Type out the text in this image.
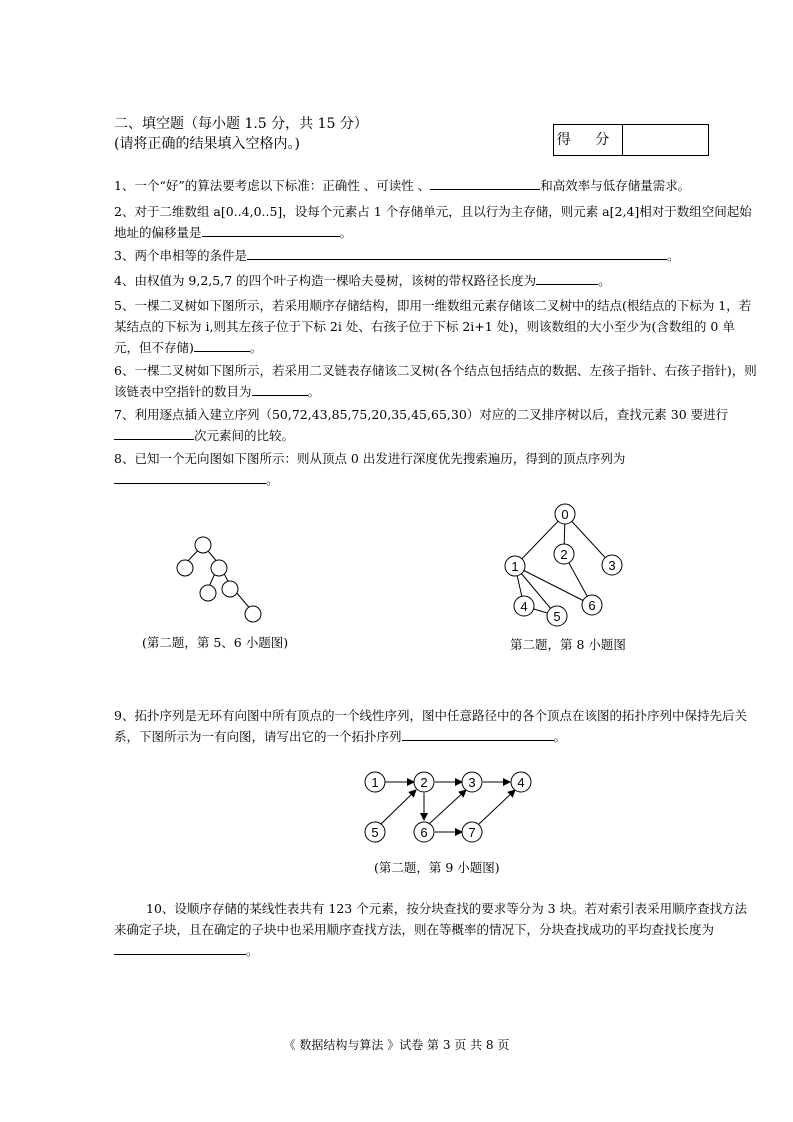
二、填空题（每小题 1.5 分，共 15 分）
(请将正确的结果填入空格内。)	得 分
1、一个“好”的算法要考虑以下标准：正确性 、可读性 、	和高效率与低存储量需求。
2、对于二维数组 a[0..4,0..5]，设每个元素占 1 个存储单元，且以行为主存储，则元素 a[2,4]相对于数组空间起始地址的偏移量是	。
3、两个串相等的条件是	。
4、由权值为 9,2,5,7 的四个叶子构造一棵哈夫曼树，该树的带权路径长度为	。
5、一棵二叉树如下图所示，若采用顺序存储结构，即用一维数组元素存储该二叉树中的结点(根结点的下标为 1，若某结点的下标为 i,则其左孩子位于下标 2i 处、右孩子位于下标 2i+1 处)，则该数组的大小至少为(含数组的 0 单元，但不存储)	。
6、一棵二叉树如下图所示，若采用二叉链表存储该二叉树(各个结点包括结点的数据、左孩子指针、右孩子指针)，则该链表中空指针的数目为	。
7、利用逐点插入建立序列（50,72,43,85,75,20,35,45,65,30）对应的二叉排序树以后，查找元素 30 要进行次元素间的比较。
8、已知一个无向图如下图所示：则从顶点 0 出发进行深度优先搜索遍历，得到的顶点序列为。
(第二题，第 5、6 小题图)
0
1
2
3
4
5
6
第二题，第 8 小题图
9、拓扑序列是无环有向图中所有顶点的一个线性序列，图中任意路径中的各个顶点在该图的拓扑序列中保持先后关系，下图所示为一有向图，请写出它的一个拓扑序列	。
1	2	3	4
5	6	7
(第二题，第 9 小题图)
10、设顺序存储的某线性表共有 123 个元素，按分块查找的要求等分为 3 块。若对索引表采用顺序查找方法来确定子块，且在确定的子块中也采用顺序查找方法，则在等概率的情况下，分块查找成功的平均查找长度为。
《 数据结构与算法 》试卷 第 3 页 共 8 页
